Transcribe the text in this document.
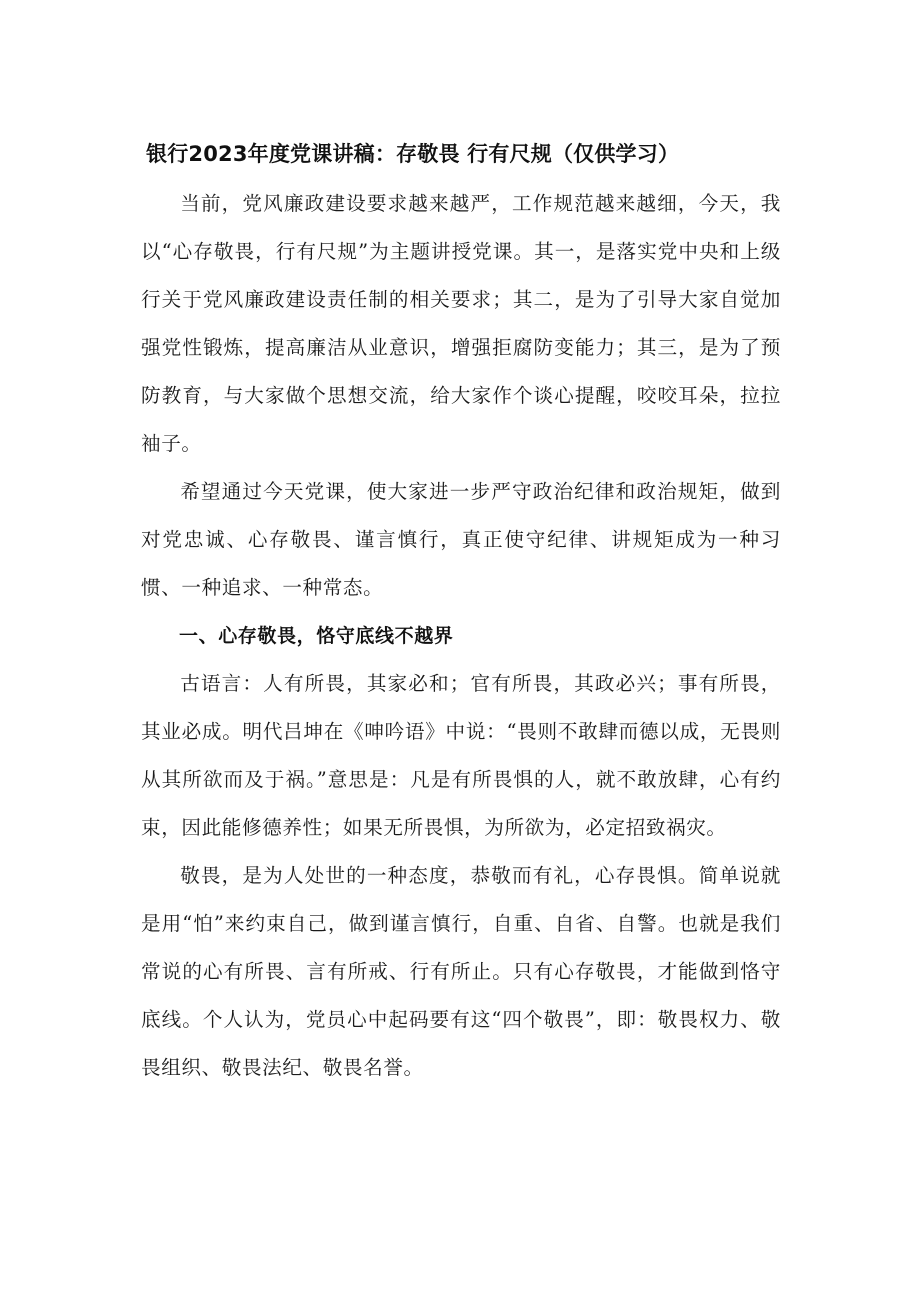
银行2023年度党课讲稿：存敬畏 行有尺规（仅供学习）

当前，党风廉政建设要求越来越严，工作规范越来越细，今天，我以“心存敬畏，行有尺规”为主题讲授党课。其一，是落实党中央和上级行关于党风廉政建设责任制的相关要求；其二，是为了引导大家自觉加强党性锻炼，提高廉洁从业意识，增强拒腐防变能力；其三，是为了预防教育，与大家做个思想交流，给大家作个谈心提醒，咬咬耳朵，拉拉袖子。

希望通过今天党课，使大家进一步严守政治纪律和政治规矩，做到对党忠诚、心存敬畏、谨言慎行，真正使守纪律、讲规矩成为一种习惯、一种追求、一种常态。

一、心存敬畏，恪守底线不越界

古语言：人有所畏，其家必和；官有所畏，其政必兴；事有所畏，其业必成。明代吕坤在《呻吟语》中说：“畏则不敢肆而德以成，无畏则从其所欲而及于祸。”意思是：凡是有所畏惧的人，就不敢放肆，心有约束，因此能修德养性；如果无所畏惧，为所欲为，必定招致祸灾。

敬畏，是为人处世的一种态度，恭敬而有礼，心存畏惧。简单说就是用“怕”来约束自己，做到谨言慎行，自重、自省、自警。也就是我们常说的心有所畏、言有所戒、行有所止。只有心存敬畏，才能做到恪守底线。个人认为，党员心中起码要有这“四个敬畏”，即：敬畏权力、敬畏组织、敬畏法纪、敬畏名誉。
